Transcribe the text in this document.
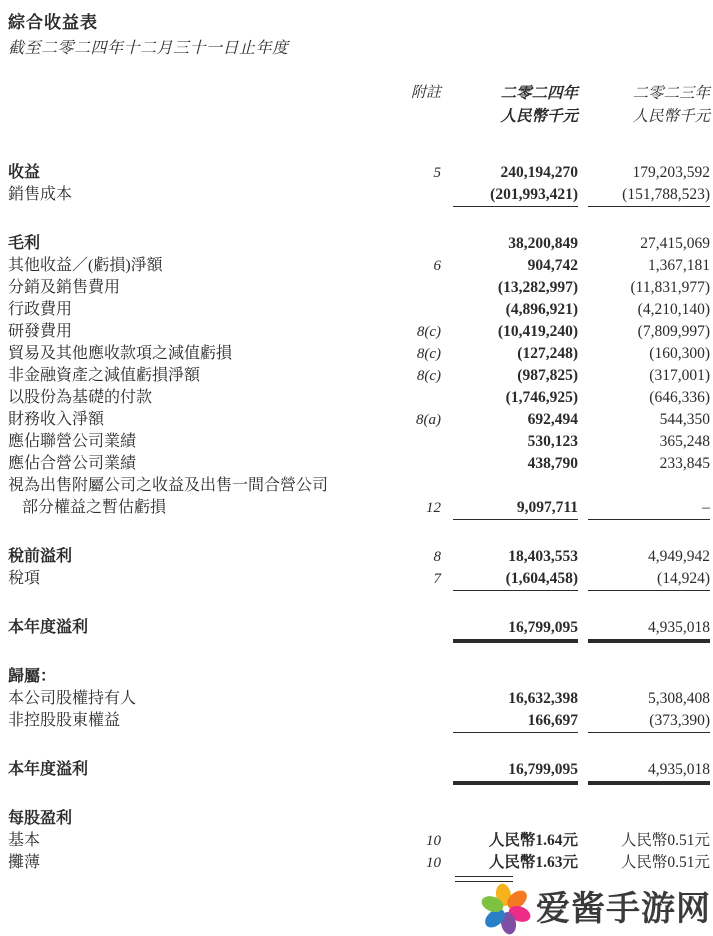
綜合收益表
截至二零二四年十二月三十一日止年度
附註	二零二四年	二零二三年
人民幣千元	人民幣千元
收益	5	240,194,270	179,203,592
銷售成本	(201,993,421)	(151,788,523)
毛利	38,200,849	27,415,069
其他收益／(虧損)淨額	6	904,742	1,367,181
分銷及銷售費用	(13,282,997)	(11,831,977)
行政費用	(4,896,921)	(4,210,140)
研發費用	8(c)	(10,419,240)	(7,809,997)
貿易及其他應收款項之減值虧損	8(c)	(127,248)	(160,300)
非金融資產之減值虧損淨額	8(c)	(987,825)	(317,001)
以股份為基礎的付款	(1,746,925)	(646,336)
財務收入淨額	8(a)	692,494	544,350
應佔聯營公司業績	530,123	365,248
應佔合營公司業績	438,790	233,845
視為出售附屬公司之收益及出售一間合營公司
部分權益之暫估虧損	12	9,097,711	–
稅前溢利	8	18,403,553	4,949,942
稅項	7	(1,604,458)	(14,924)
本年度溢利	16,799,095	4,935,018
歸屬：
本公司股權持有人	16,632,398	5,308,408
非控股股東權益	166,697	(373,390)
本年度溢利	16,799,095	4,935,018
每股盈利
基本	10	人民幣1.64元	人民幣0.51元
攤薄	10	人民幣1.63元	人民幣0.51元
爱酱手游网
